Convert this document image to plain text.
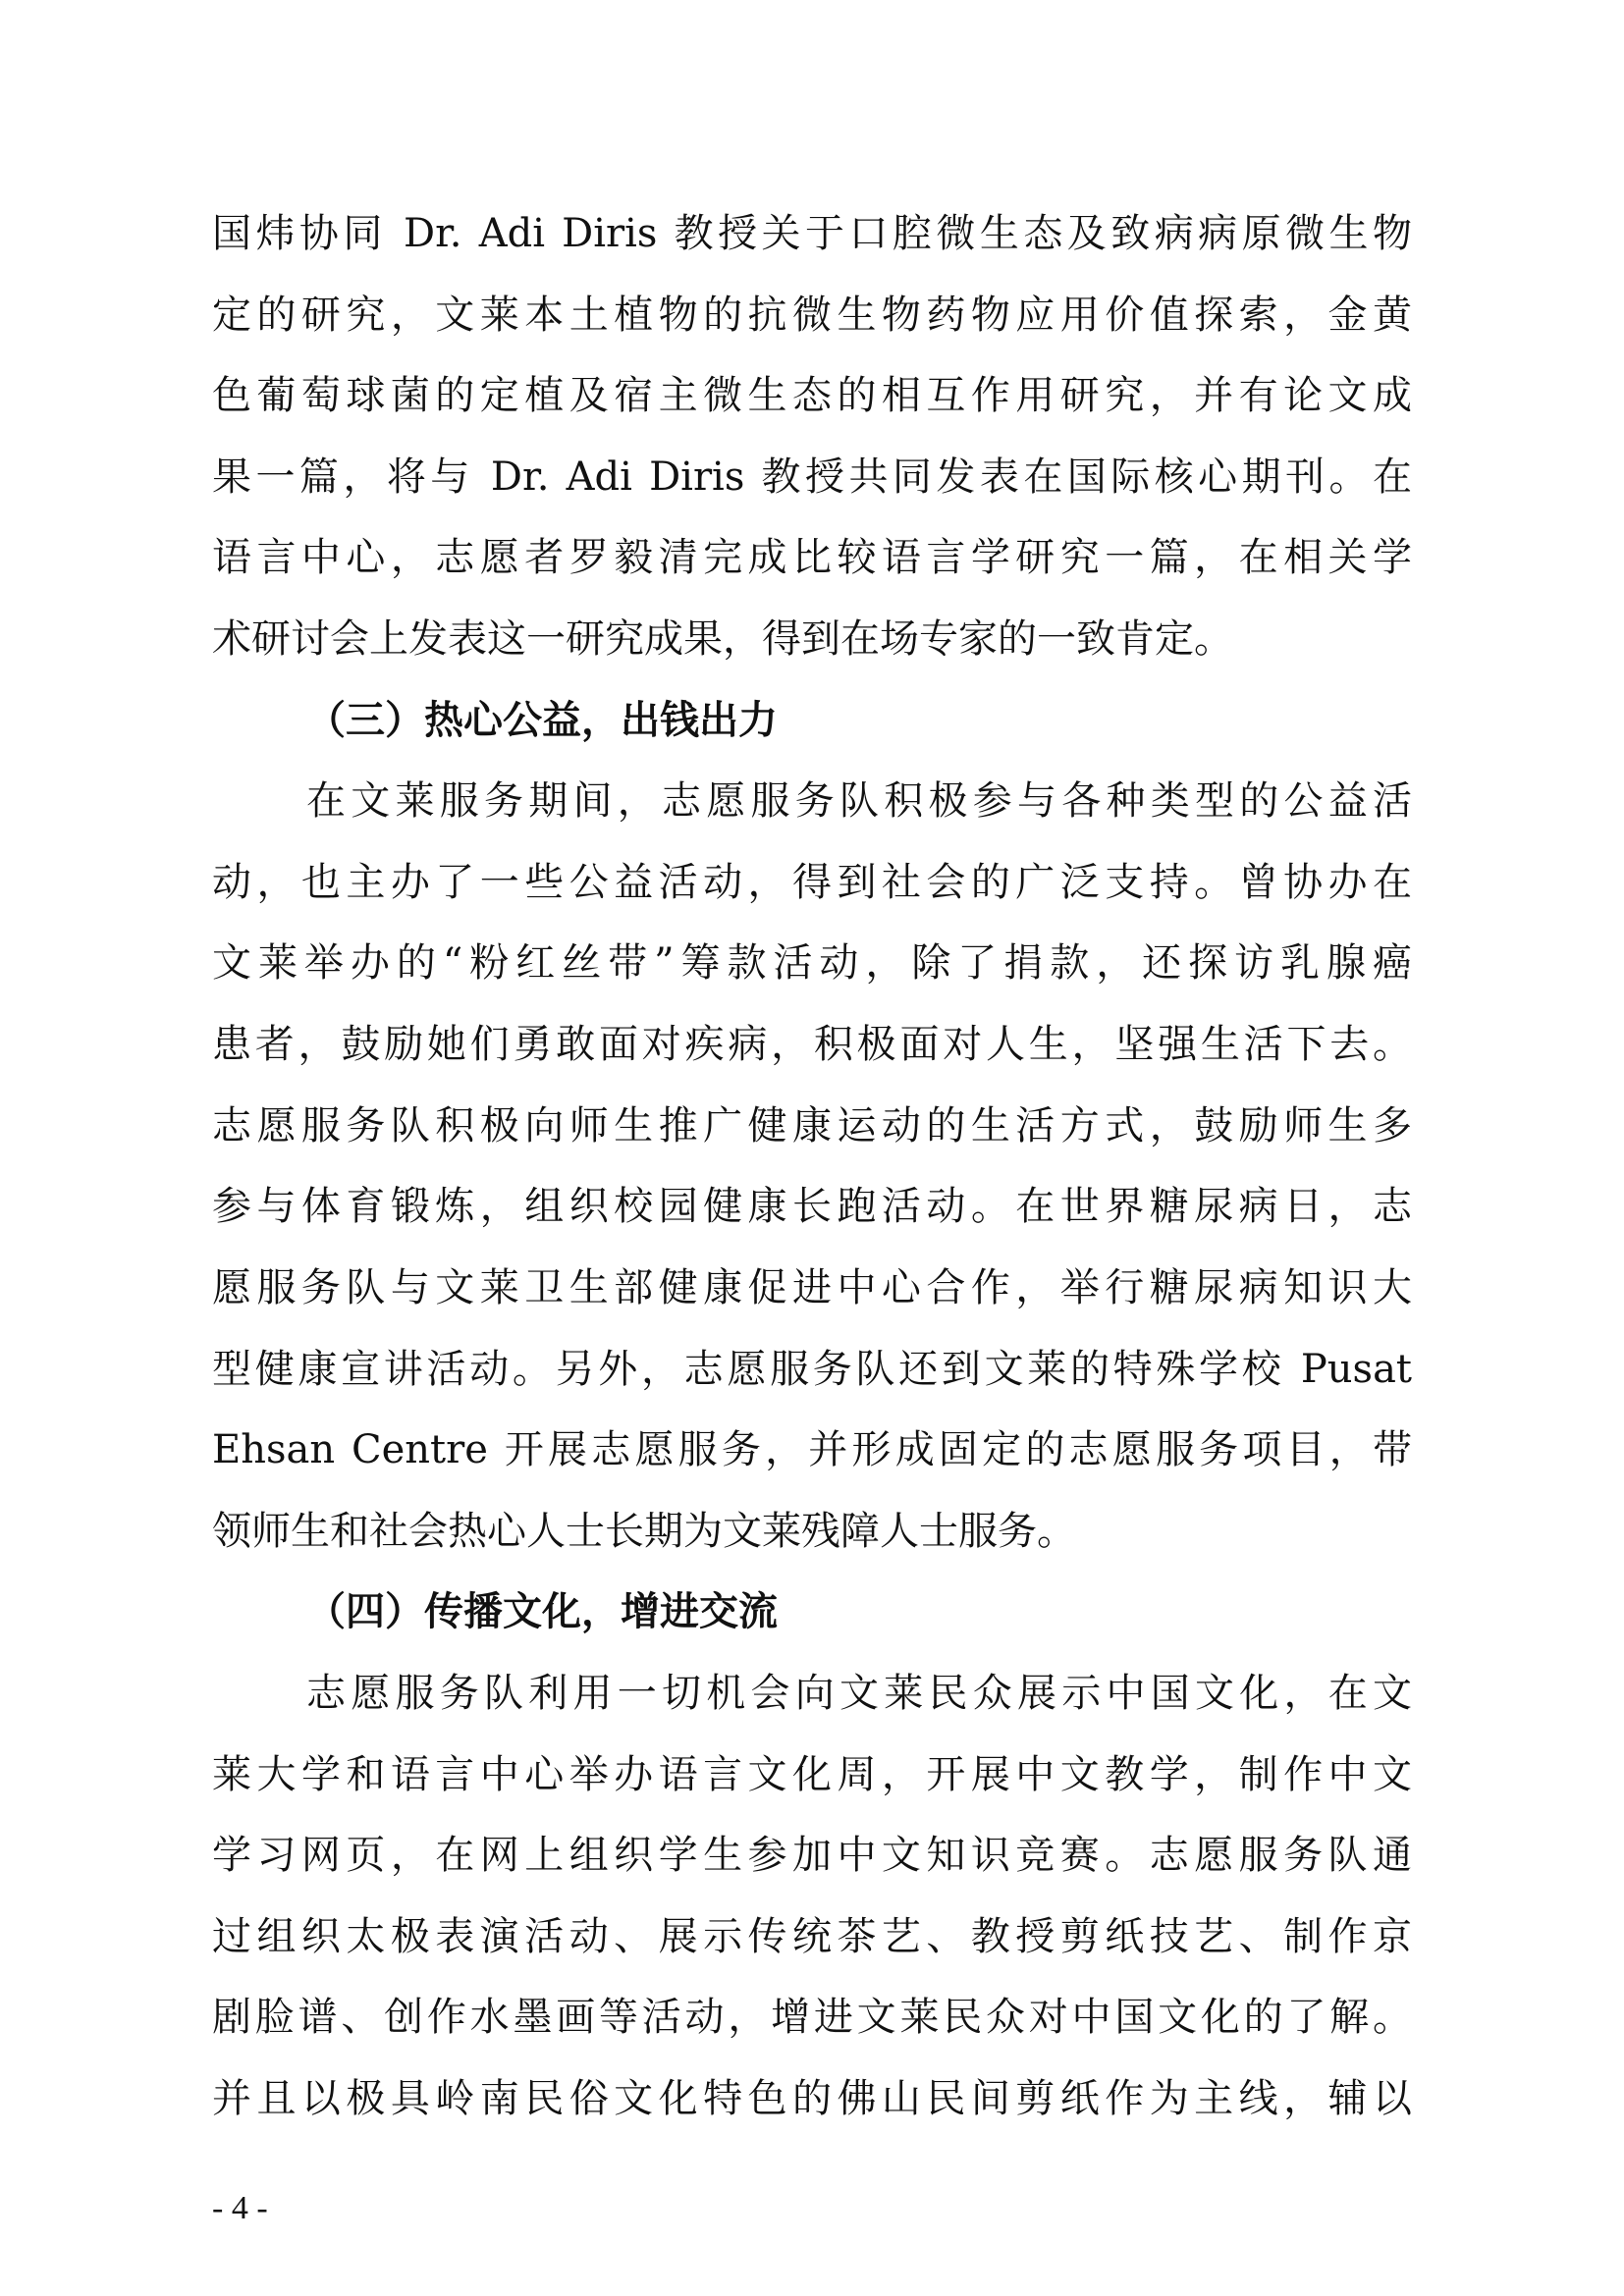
国炜协同 Dr. Adi Diris 教授关于口腔微生态及致病病原微生物
定的研究，文莱本土植物的抗微生物药物应用价值探索，金黄
色葡萄球菌的定植及宿主微生态的相互作用研究，并有论文成
果一篇，将与 Dr. Adi Diris 教授共同发表在国际核心期刊。在
语言中心，志愿者罗毅清完成比较语言学研究一篇，在相关学
术研讨会上发表这一研究成果，得到在场专家的一致肯定。
（三）热心公益，出钱出力
在文莱服务期间，志愿服务队积极参与各种类型的公益活
动，也主办了一些公益活动，得到社会的广泛支持。曾协办在
文莱举办的“粉红丝带”筹款活动，除了捐款，还探访乳腺癌
患者，鼓励她们勇敢面对疾病，积极面对人生，坚强生活下去。
志愿服务队积极向师生推广健康运动的生活方式，鼓励师生多
参与体育锻炼，组织校园健康长跑活动。在世界糖尿病日，志
愿服务队与文莱卫生部健康促进中心合作，举行糖尿病知识大
型健康宣讲活动。另外，志愿服务队还到文莱的特殊学校 Pusat
Ehsan Centre 开展志愿服务，并形成固定的志愿服务项目，带
领师生和社会热心人士长期为文莱残障人士服务。
（四）传播文化，增进交流
志愿服务队利用一切机会向文莱民众展示中国文化，在文
莱大学和语言中心举办语言文化周，开展中文教学，制作中文
学习网页，在网上组织学生参加中文知识竞赛。志愿服务队通
过组织太极表演活动、展示传统茶艺、教授剪纸技艺、制作京
剧脸谱、创作水墨画等活动，增进文莱民众对中国文化的了解。
并且以极具岭南民俗文化特色的佛山民间剪纸作为主线，辅以
- 4 -
